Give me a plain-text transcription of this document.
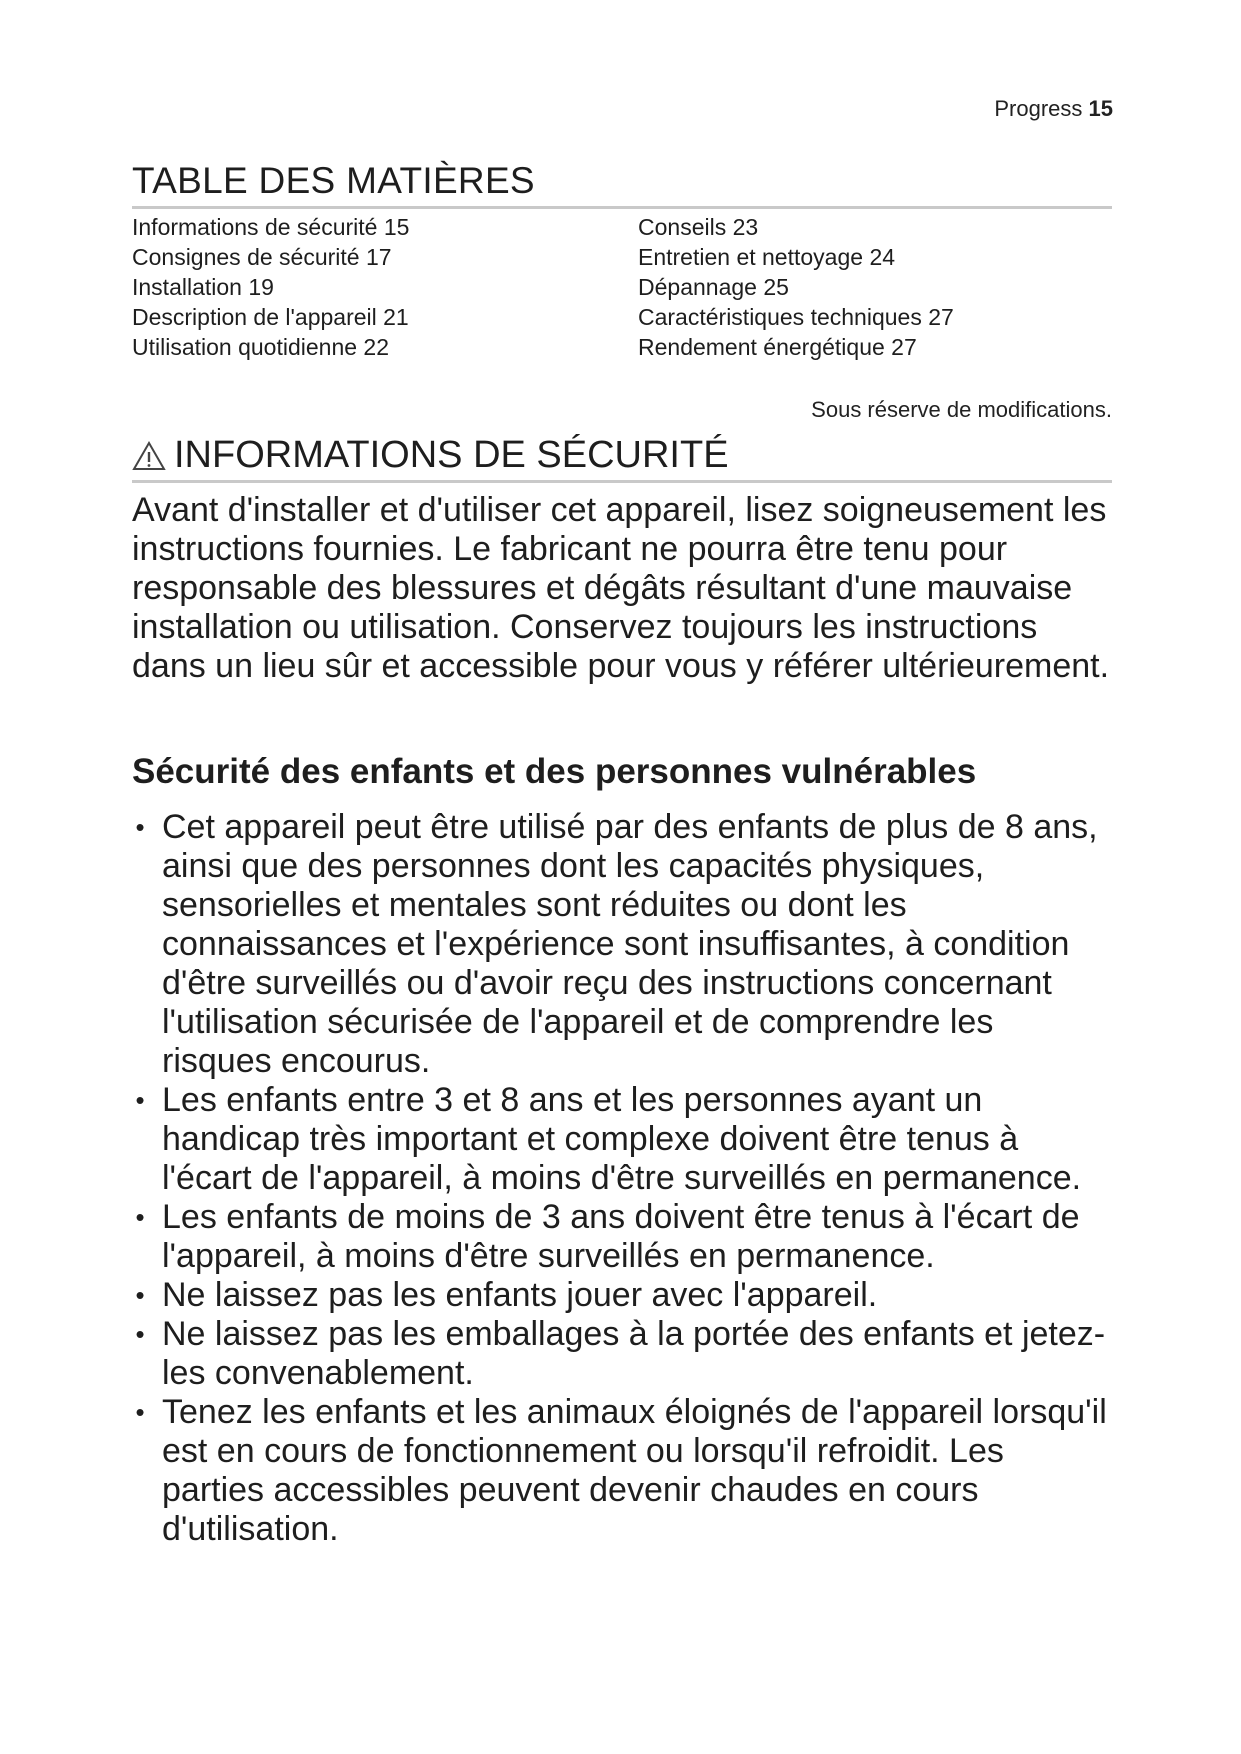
Progress 15
TABLE DES MATIÈRES
Informations de sécurité 15
Consignes de sécurité 17
Installation 19
Description de l'appareil 21
Utilisation quotidienne 22
Conseils 23
Entretien et nettoyage 24
Dépannage 25
Caractéristiques techniques 27
Rendement énergétique 27
Sous réserve de modifications.
INFORMATIONS DE SÉCURITÉ

Avant d'installer et d'utiliser cet appareil, lisez soigneusement les instructions fournies. Le fabricant ne pourra être tenu pour responsable des blessures et dégâts résultant d'une mauvaise installation ou utilisation. Conservez toujours les instructions dans un lieu sûr et accessible pour vous y référer ultérieurement.

Sécurité des enfants et des personnes vulnérables
• Cet appareil peut être utilisé par des enfants de plus de 8 ans, ainsi que des personnes dont les capacités physiques, sensorielles et mentales sont réduites ou dont les connaissances et l'expérience sont insuffisantes, à condition d'être surveillés ou d'avoir reçu des instructions concernant l'utilisation sécurisée de l'appareil et de comprendre les risques encourus.
• Les enfants entre 3 et 8 ans et les personnes ayant un handicap très important et complexe doivent être tenus à l'écart de l'appareil, à moins d'être surveillés en permanence.
• Les enfants de moins de 3 ans doivent être tenus à l'écart de l'appareil, à moins d'être surveillés en permanence.
• Ne laissez pas les enfants jouer avec l'appareil.
• Ne laissez pas les emballages à la portée des enfants et jetez-les convenablement.
• Tenez les enfants et les animaux éloignés de l'appareil lorsqu'il est en cours de fonctionnement ou lorsqu'il refroidit. Les parties accessibles peuvent devenir chaudes en cours d'utilisation.
